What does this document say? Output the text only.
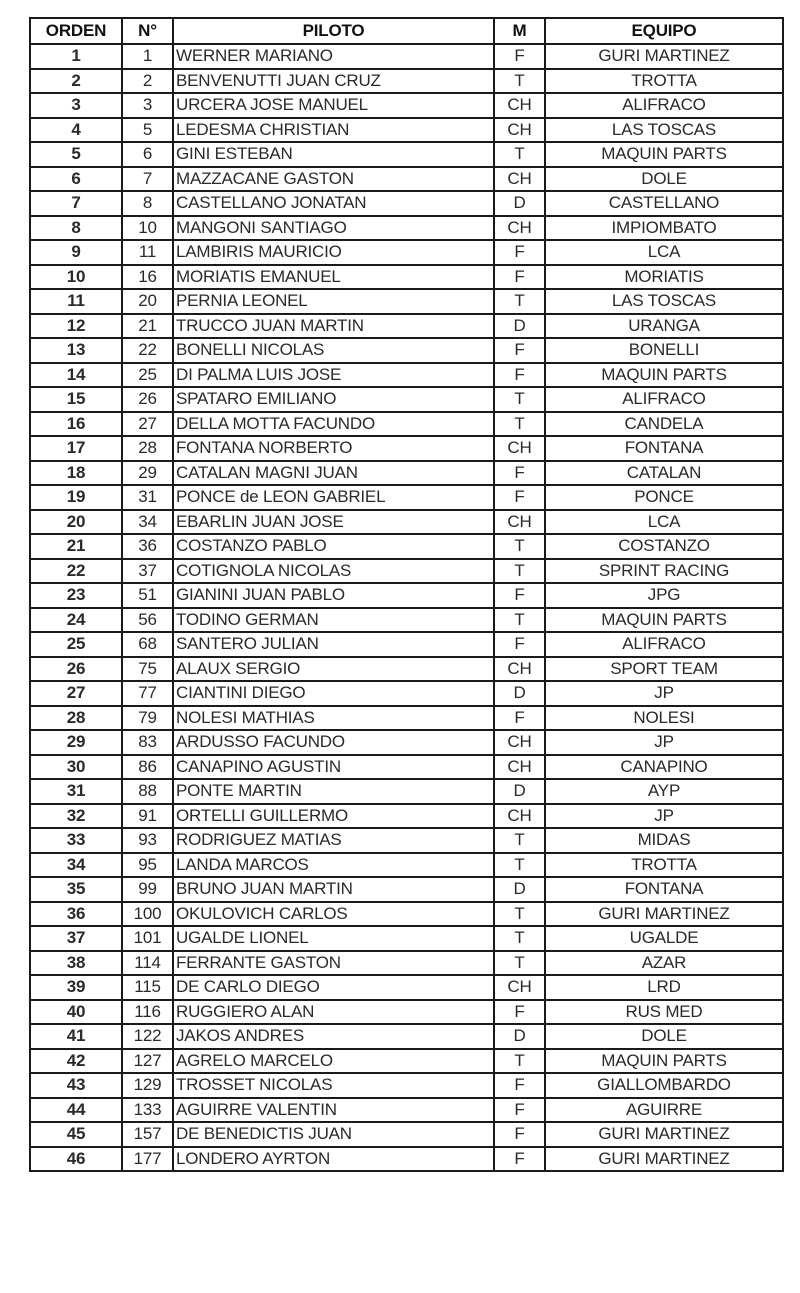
ORDEN	N°	PILOTO	M	EQUIPO
1	1	WERNER MARIANO	F	GURI MARTINEZ
2	2	BENVENUTTI JUAN CRUZ	T	TROTTA
3	3	URCERA JOSE MANUEL	CH	ALIFRACO
4	5	LEDESMA CHRISTIAN	CH	LAS TOSCAS
5	6	GINI ESTEBAN	T	MAQUIN PARTS
6	7	MAZZACANE GASTON	CH	DOLE
7	8	CASTELLANO JONATAN	D	CASTELLANO
8	10	MANGONI SANTIAGO	CH	IMPIOMBATO
9	11	LAMBIRIS MAURICIO	F	LCA
10	16	MORIATIS EMANUEL	F	MORIATIS
11	20	PERNIA LEONEL	T	LAS TOSCAS
12	21	TRUCCO JUAN MARTIN	D	URANGA
13	22	BONELLI NICOLAS	F	BONELLI
14	25	DI PALMA LUIS JOSE	F	MAQUIN PARTS
15	26	SPATARO EMILIANO	T	ALIFRACO
16	27	DELLA MOTTA FACUNDO	T	CANDELA
17	28	FONTANA NORBERTO	CH	FONTANA
18	29	CATALAN MAGNI JUAN	F	CATALAN
19	31	PONCE de LEON GABRIEL	F	PONCE
20	34	EBARLIN JUAN JOSE	CH	LCA
21	36	COSTANZO PABLO	T	COSTANZO
22	37	COTIGNOLA NICOLAS	T	SPRINT RACING
23	51	GIANINI JUAN PABLO	F	JPG
24	56	TODINO GERMAN	T	MAQUIN PARTS
25	68	SANTERO JULIAN	F	ALIFRACO
26	75	ALAUX SERGIO	CH	SPORT TEAM
27	77	CIANTINI DIEGO	D	JP
28	79	NOLESI MATHIAS	F	NOLESI
29	83	ARDUSSO FACUNDO	CH	JP
30	86	CANAPINO AGUSTIN	CH	CANAPINO
31	88	PONTE MARTIN	D	AYP
32	91	ORTELLI GUILLERMO	CH	JP
33	93	RODRIGUEZ MATIAS	T	MIDAS
34	95	LANDA MARCOS	T	TROTTA
35	99	BRUNO JUAN MARTIN	D	FONTANA
36	100	OKULOVICH CARLOS	T	GURI MARTINEZ
37	101	UGALDE LIONEL	T	UGALDE
38	114	FERRANTE GASTON	T	AZAR
39	115	DE CARLO DIEGO	CH	LRD
40	116	RUGGIERO ALAN	F	RUS MED
41	122	JAKOS ANDRES	D	DOLE
42	127	AGRELO MARCELO	T	MAQUIN PARTS
43	129	TROSSET NICOLAS	F	GIALLOMBARDO
44	133	AGUIRRE VALENTIN	F	AGUIRRE
45	157	DE BENEDICTIS JUAN	F	GURI MARTINEZ
46	177	LONDERO AYRTON	F	GURI MARTINEZ
